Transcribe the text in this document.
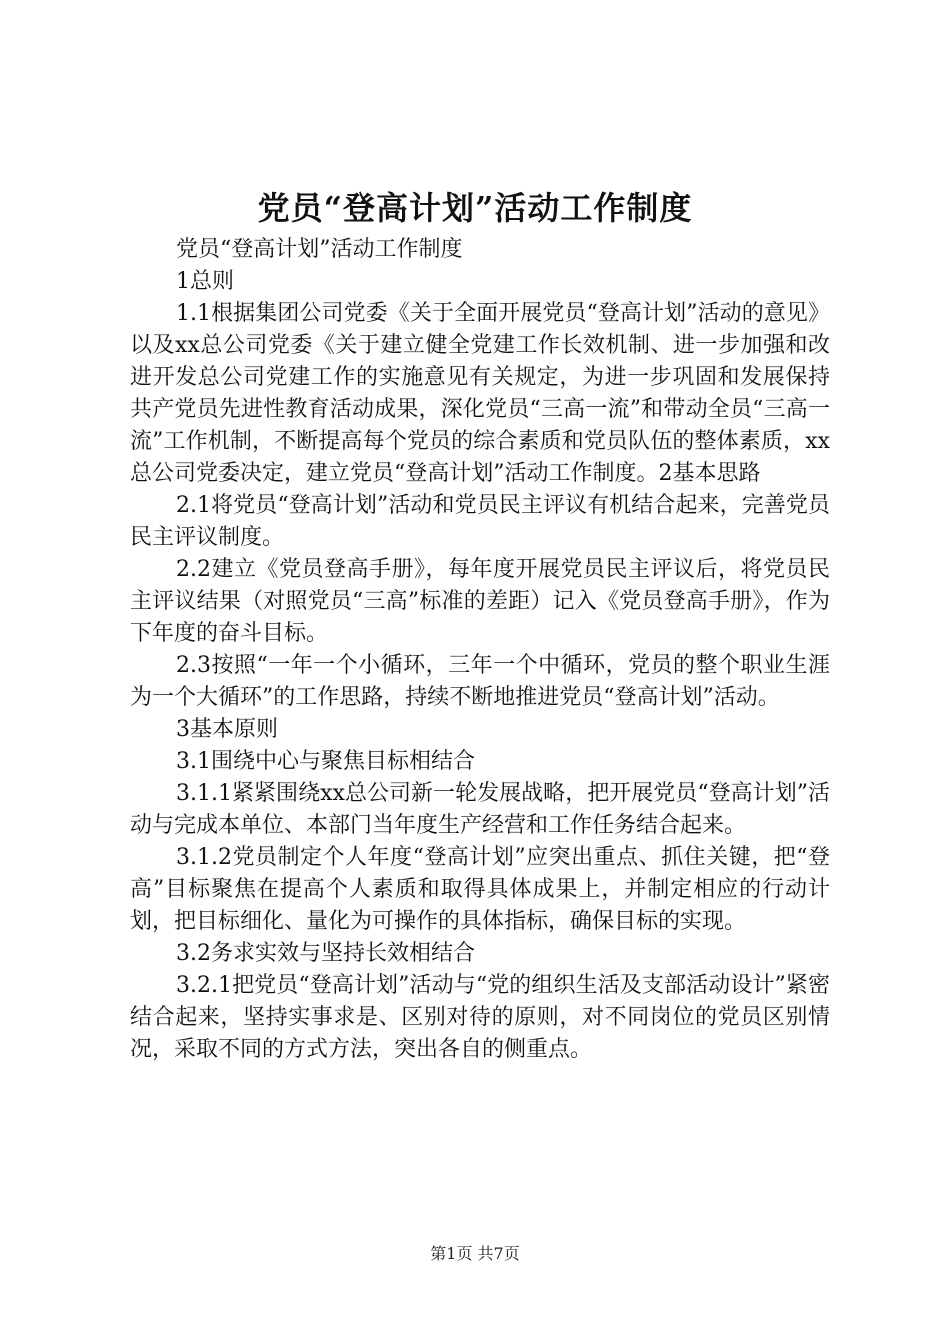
党员“登高计划”活动工作制度

党员“登高计划”活动工作制度

1总则

1.1根据集团公司党委《关于全面开展党员“登高计划”活动的意见》以及xx总公司党委《关于建立健全党建工作长效机制、进一步加强和改进开发总公司党建工作的实施意见有关规定，为进一步巩固和发展保持共产党员先进性教育活动成果，深化党员“三高一流”和带动全员“三高一流”工作机制，不断提高每个党员的综合素质和党员队伍的整体素质，xx总公司党委决定，建立党员“登高计划”活动工作制度。2基本思路

2.1将党员“登高计划”活动和党员民主评议有机结合起来，完善党员民主评议制度。

2.2建立《党员登高手册》，每年度开展党员民主评议后，将党员民主评议结果（对照党员“三高”标准的差距）记入《党员登高手册》，作为下年度的奋斗目标。

2.3按照“一年一个小循环，三年一个中循环，党员的整个职业生涯为一个大循环”的工作思路，持续不断地推进党员“登高计划”活动。

3基本原则

3.1围绕中心与聚焦目标相结合

3.1.1紧紧围绕xx总公司新一轮发展战略，把开展党员“登高计划”活动与完成本单位、本部门当年度生产经营和工作任务结合起来。

3.1.2党员制定个人年度“登高计划”应突出重点、抓住关键，把“登高”目标聚焦在提高个人素质和取得具体成果上，并制定相应的行动计划，把目标细化、量化为可操作的具体指标，确保目标的实现。

3.2务求实效与坚持长效相结合

3.2.1把党员“登高计划”活动与“党的组织生活及支部活动设计”紧密结合起来，坚持实事求是、区别对待的原则，对不同岗位的党员区别情况，采取不同的方式方法，突出各自的侧重点。

第1页 共7页
